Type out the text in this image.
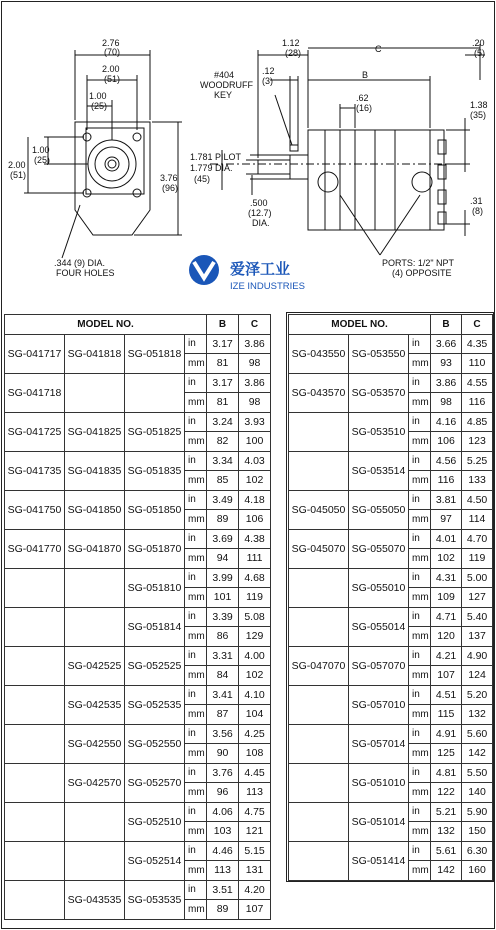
2.76
(70)
2.00
(51)
1.00
(25)
1.00
(25)
2.00
(51)	3.76
(96)
.344 (9) DIA.
FOUR HOLES
1.12
(28)	C
.20
(5)
.12
(3)
B
#404
WOODRUFF
KEY	.62
(16)	1.38
(35)
.31
(8)
1.781 PILOT
1.779 DIA.
(45)
.500
(12.7)
DIA.
PORTS: 1/2" NPT
(4) OPPOSITE
爱泽工业
IZE INDUSTRIES
MODEL NO.				B	C
SG-041717	SG-041818	SG-051818	in	3.17	3.86
			mm	81	98
SG-041718			in	3.17	3.86
			mm	81	98
SG-041725	SG-041825	SG-051825	in	3.24	3.93
			mm	82	100
SG-041735	SG-041835	SG-051835	in	3.34	4.03
			mm	85	102
SG-041750	SG-041850	SG-051850	in	3.49	4.18
			mm	89	106
SG-041770	SG-041870	SG-051870	in	3.69	4.38
			mm	94	111
		SG-051810	in	3.99	4.68
			mm	101	119
		SG-051814	in	3.39	5.08
			mm	86	129
	SG-042525	SG-052525	in	3.31	4.00
			mm	84	102
	SG-042535	SG-052535	in	3.41	4.10
			mm	87	104
	SG-042550	SG-052550	in	3.56	4.25
			mm	90	108
	SG-042570	SG-052570	in	3.76	4.45
			mm	96	113
		SG-052510	in	4.06	4.75
			mm	103	121
		SG-052514	in	4.46	5.15
			mm	113	131
	SG-043535	SG-053535	in	3.51	4.20
			mm	89	107
MODEL NO.			B	C
SG-043550	SG-053550	in	3.66	4.35
		mm	93	110
SG-043570	SG-053570	in	3.86	4.55
		mm	98	116
	SG-053510	in	4.16	4.85
		mm	106	123
	SG-053514	in	4.56	5.25
		mm	116	133
SG-045050	SG-055050	in	3.81	4.50
		mm	97	114
SG-045070	SG-055070	in	4.01	4.70
		mm	102	119
	SG-055010	in	4.31	5.00
		mm	109	127
	SG-055014	in	4.71	5.40
		mm	120	137
SG-047070	SG-057070	in	4.21	4.90
		mm	107	124
	SG-057010	in	4.51	5.20
		mm	115	132
	SG-057014	in	4.91	5.60
		mm	125	142
	SG-051010	in	4.81	5.50
		mm	122	140
	SG-051014	in	5.21	5.90
		mm	132	150
	SG-051414	in	5.61	6.30
		mm	142	160
